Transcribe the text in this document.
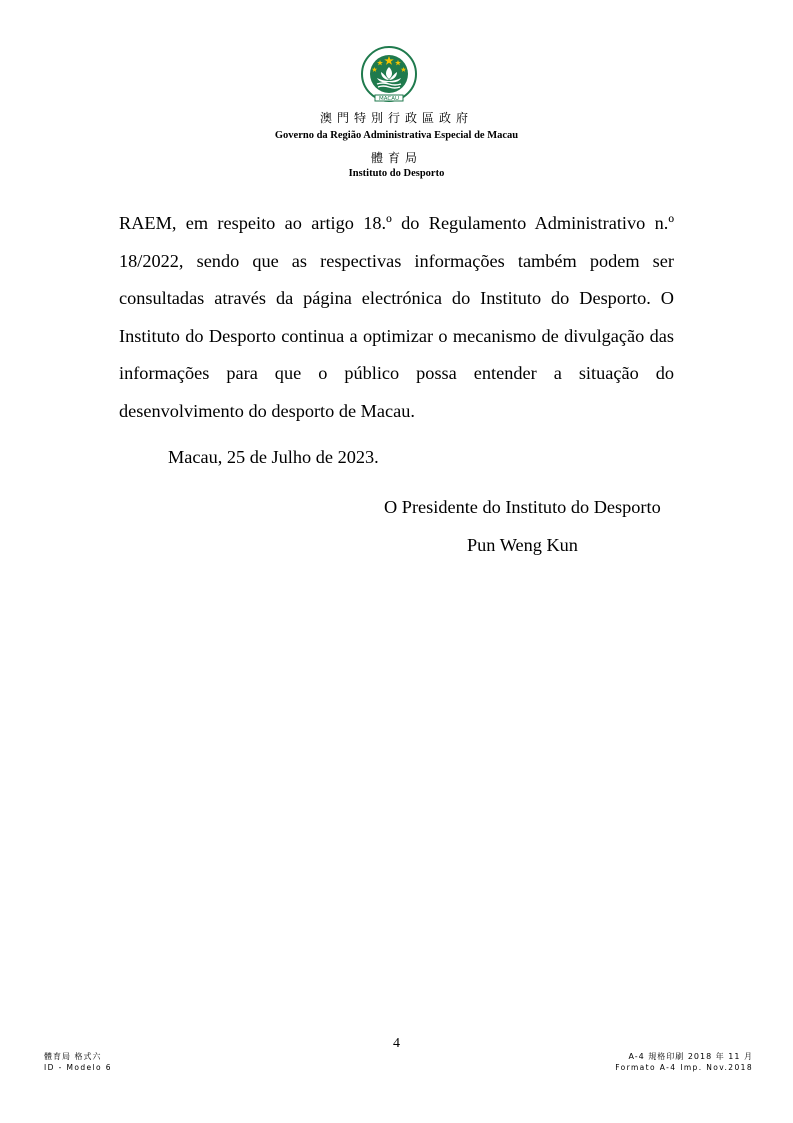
MACAU
澳門特別行政區政府
Governo da Região Administrativa Especial de Macau
體育局
Instituto do Desporto

RAEM, em respeito ao artigo 18.º do Regulamento Administrativo n.º 18/2022, sendo que as respectivas informações também podem ser consultadas através da página electrónica do Instituto do Desporto. O Instituto do Desporto continua a optimizar o mecanismo de divulgação das informações para que o público possa entender a situação do desenvolvimento do desporto de Macau.

Macau, 25 de Julho de 2023.
O Presidente do Instituto do Desporto
Pun Weng Kun
4
體育局 格式六
ID - Modelo 6
A-4 規格印刷 2018 年 11 月
Formato A-4 Imp. Nov.2018
